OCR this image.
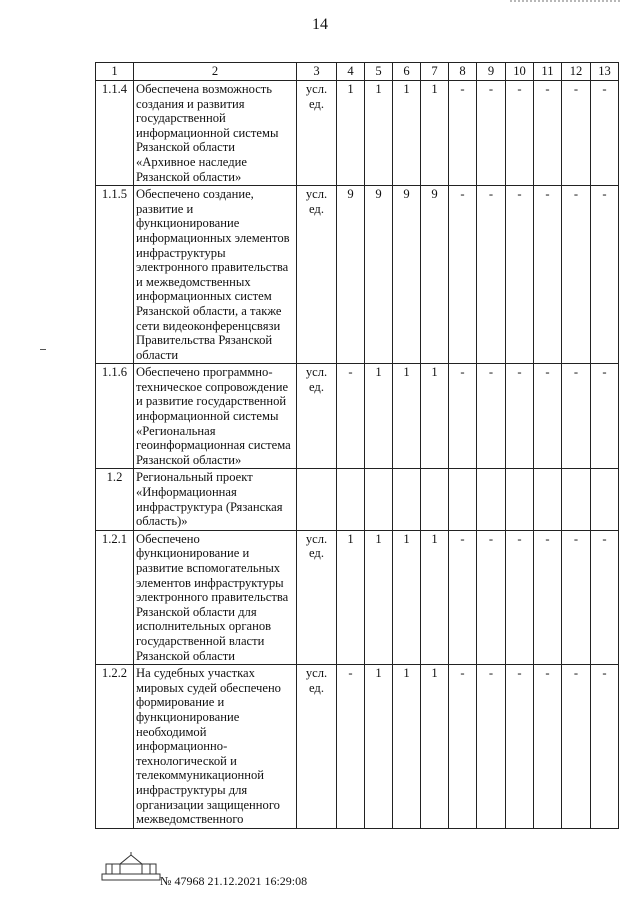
14
1	2	3	4	5	6	7	8	9	10	11	12	13
1.1.4	Обеспечена возможность создания и развития государственной информационной системы Рязанской области «Архивное наследие Рязанской области»	усл. ед.	1	1	1	1	-	-	-	-	-	-
1.1.5	Обеспечено создание, развитие и функционирование информационных элементов инфраструктуры электронного правительства и межведомственных информационных систем Рязанской области, а также сети видеоконференцсвязи Правительства Рязанской области	усл. ед.	9	9	9	9	-	-	-	-	-	-
1.1.6	Обеспечено программно-техническое сопровождение и развитие государственной информационной системы «Региональная геоинформационная система Рязанской области»	усл. ед.	-	1	1	1	-	-	-	-	-	-
1.2	Региональный проект «Информационная инфраструктура (Рязанская область)»											
1.2.1	Обеспечено функционирование и развитие вспомогательных элементов инфраструктуры электронного правительства Рязанской области для исполнительных органов государственной власти Рязанской области	усл. ед.	1	1	1	1	-	-	-	-	-	-
1.2.2	На судебных участках мировых судей обеспечено формирование и функционирование необходимой информационно-технологической и телекоммуникационной инфраструктуры для организации защищенного межведомственного	усл. ед.	-	1	1	1	-	-	-	-	-	-
№ 47968 21.12.2021 16:29:08
